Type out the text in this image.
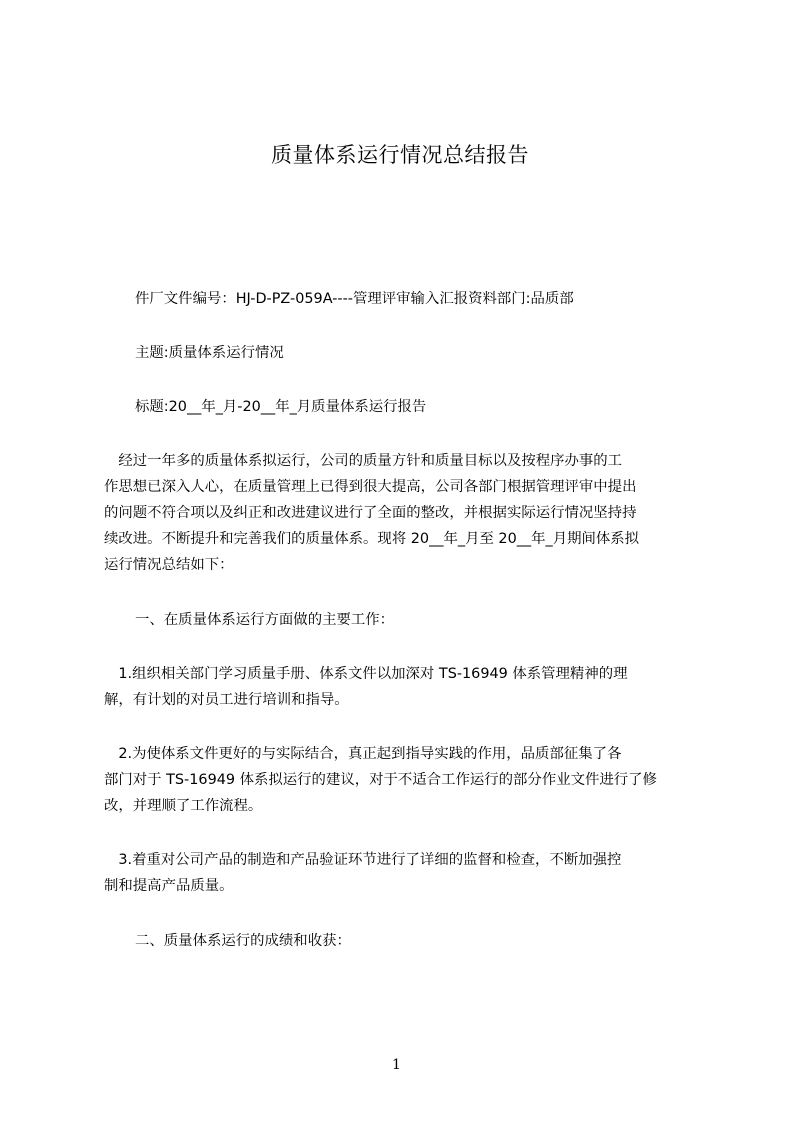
质量体系运行情况总结报告
件厂文件编号：HJ-D-PZ-059A----管理评审输入汇报资料部门:品质部
主题:质量体系运行情况
标题:20__年_月-20__年_月质量体系运行报告
　经过一年多的质量体系拟运行，公司的质量方针和质量目标以及按程序办事的工
作思想已深入人心，在质量管理上已得到很大提高，公司各部门根据管理评审中提出
的问题不符合项以及纠正和改进建议进行了全面的整改，并根据实际运行情况坚持持
续改进。不断提升和完善我们的质量体系。现将 20__年_月至 20__年_月期间体系拟
运行情况总结如下：
一、在质量体系运行方面做的主要工作：
　1.组织相关部门学习质量手册、体系文件以加深对 TS-16949 体系管理精神的理
解，有计划的对员工进行培训和指导。
　2.为使体系文件更好的与实际结合，真正起到指导实践的作用，品质部征集了各
部门对于 TS-16949 体系拟运行的建议，对于不适合工作运行的部分作业文件进行了修
改，并理顺了工作流程。
　3.着重对公司产品的制造和产品验证环节进行了详细的监督和检查，不断加强控
制和提高产品质量。
二、质量体系运行的成绩和收获：
1
